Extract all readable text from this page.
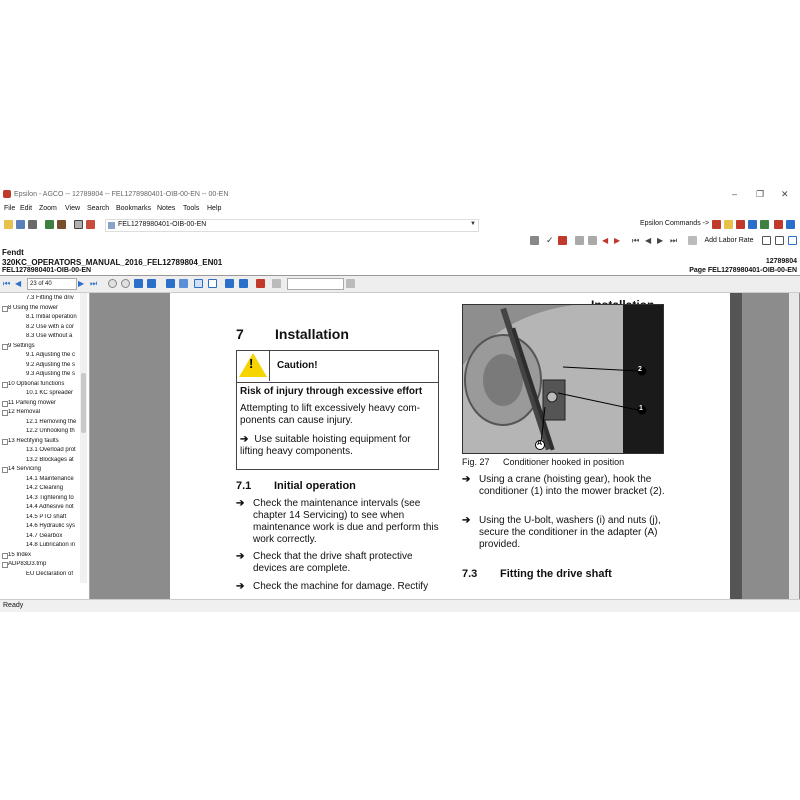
Epsilon - AGCO -- 12789804 -- FEL1278980401-OIB-00-EN -- 00-EN	– ❐ ✕
File Edit Zoom View Search Bookmarks Notes Tools Help
FEL1278980401-OIB-00-EN	▼	Epsilon Commands ->
✓	◀ ▶	⏮ ◀ ▶ ⏭	Add Labor Rate
Fendt
320KC_OPERATORS_MANUAL_2016_FEL12789804_EN01	12789804
FEL1278980401-OIB-00-EN	Page FEL1278980401-OIB-00-EN
⏮ ◀	23 of 40	▶ ⏭
7.3 Fitting the driv
8 Using the mower
8.1 Initial operation
8.2 Use with a cor
8.3 Use without a
9 Settings
9.1 Adjusting the c
9.2 Adjusting the s
9.3 Adjusting the s
10 Optional functions
10.1 KC spreader
11 Parking mower
12 Removal
12.1 Removing the
12.2 Unhooking th
13 Rectifying faults
13.1 Overload prot
13.2 Blockages at
14 Servicing
14.1 Maintenance
14.2 Cleaning
14.3 Tightening to
14.4 Adhesive not
14.5 PTO shaft
14.6 Hydraulic sys
14.7 Gearbox
14.8 Lubrication in
15 Index
ADP83D3.tmp
EU Declaration of
7 Installation
! Caution!
Risk of injury through excessive effort
Attempting to lift excessively heavy com-ponents can cause injury.
➔ Use suitable hoisting equipment for lifting heavy components.
7.1 Initial operation
➔ Check the maintenance intervals (see chapter 14 Servicing) to see when maintenance work is due and perform this work correctly.
➔ Check that the drive shaft protective devices are complete.
➔ Check the machine for damage. Rectify
2
1
A
Fig. 27 Conditioner hooked in position
➔ Using a crane (hoisting gear), hook the conditioner (1) into the mower bracket (2).
➔ Using the U-bolt, washers (i) and nuts (j), secure the conditioner in the adapter (A) provided.
7.3 Fitting the drive shaft
Ready
